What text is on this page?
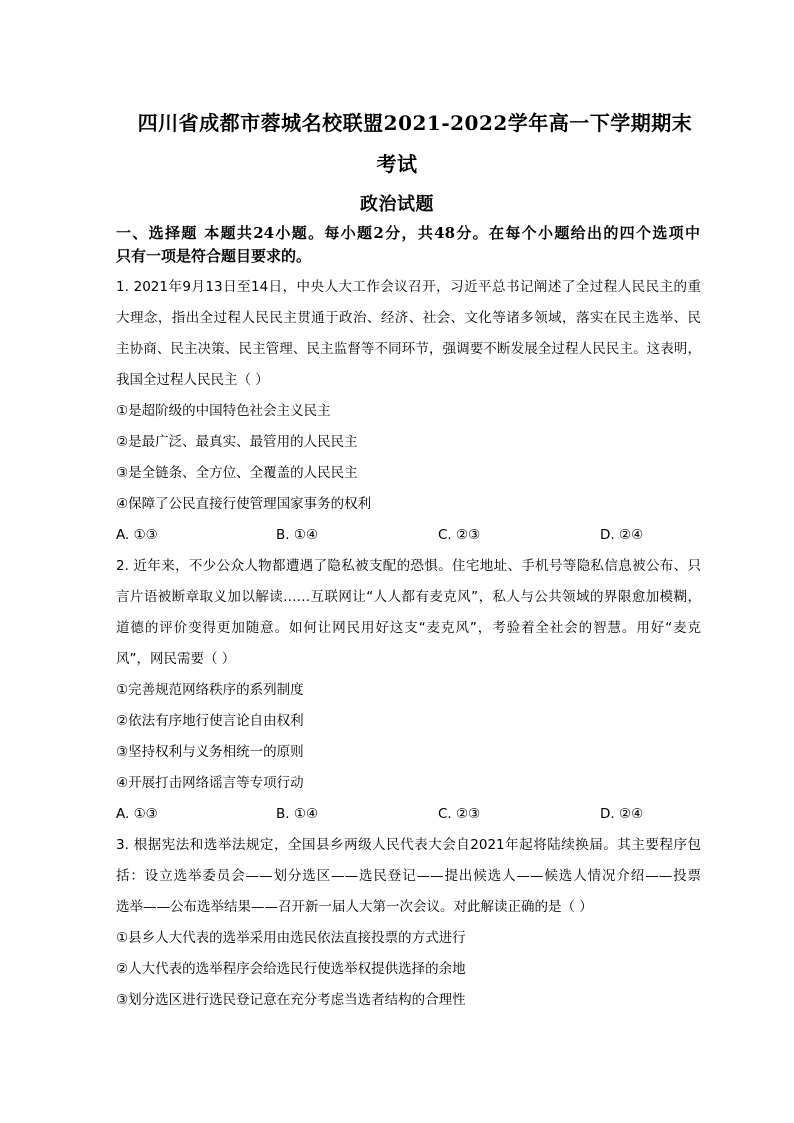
四川省成都市蓉城名校联盟2021-2022学年高一下学期期末
考试
政治试题
一、选择题 本题共24小题。每小题2分，共48分。在每个小题给出的四个选项中
只有一项是符合题目要求的。
1. 2021年9月13日至14日，中央人大工作会议召开，习近平总书记阐述了全过程人民民主的重
大理念，指出全过程人民民主贯通于政治、经济、社会、文化等诸多领域，落实在民主选举、民
主协商、民主决策、民主管理、民主监督等不同环节，强调要不断发展全过程人民民主。这表明，
我国全过程人民民主（ ）
①是超阶级的中国特色社会主义民主
②是最广泛、最真实、最管用的人民民主
③是全链条、全方位、全覆盖的人民民主
④保障了公民直接行使管理国家事务的权利
A. ①③	B. ①④	C. ②③	D. ②④
2. 近年来，不少公众人物都遭遇了隐私被支配的恐惧。住宅地址、手机号等隐私信息被公布、只
言片语被断章取义加以解读……互联网让“人人都有麦克风”，私人与公共领域的界限愈加模糊，
道德的评价变得更加随意。如何让网民用好这支“麦克风”，考验着全社会的智慧。用好“麦克
风”，网民需要（ ）
①完善规范网络秩序的系列制度
②依法有序地行使言论自由权利
③坚持权利与义务相统一的原则
④开展打击网络谣言等专项行动
A. ①③	B. ①④	C. ②③	D. ②④
3. 根据宪法和选举法规定，全国县乡两级人民代表大会自2021年起将陆续换届。其主要程序包
括：设立选举委员会——划分选区——选民登记——提出候选人——候选人情况介绍——投票
选举——公布选举结果——召开新一届人大第一次会议。对此解读正确的是（ ）
①县乡人大代表的选举采用由选民依法直接投票的方式进行
②人大代表的选举程序会给选民行使选举权提供选择的余地
③划分选区进行选民登记意在充分考虑当选者结构的合理性
